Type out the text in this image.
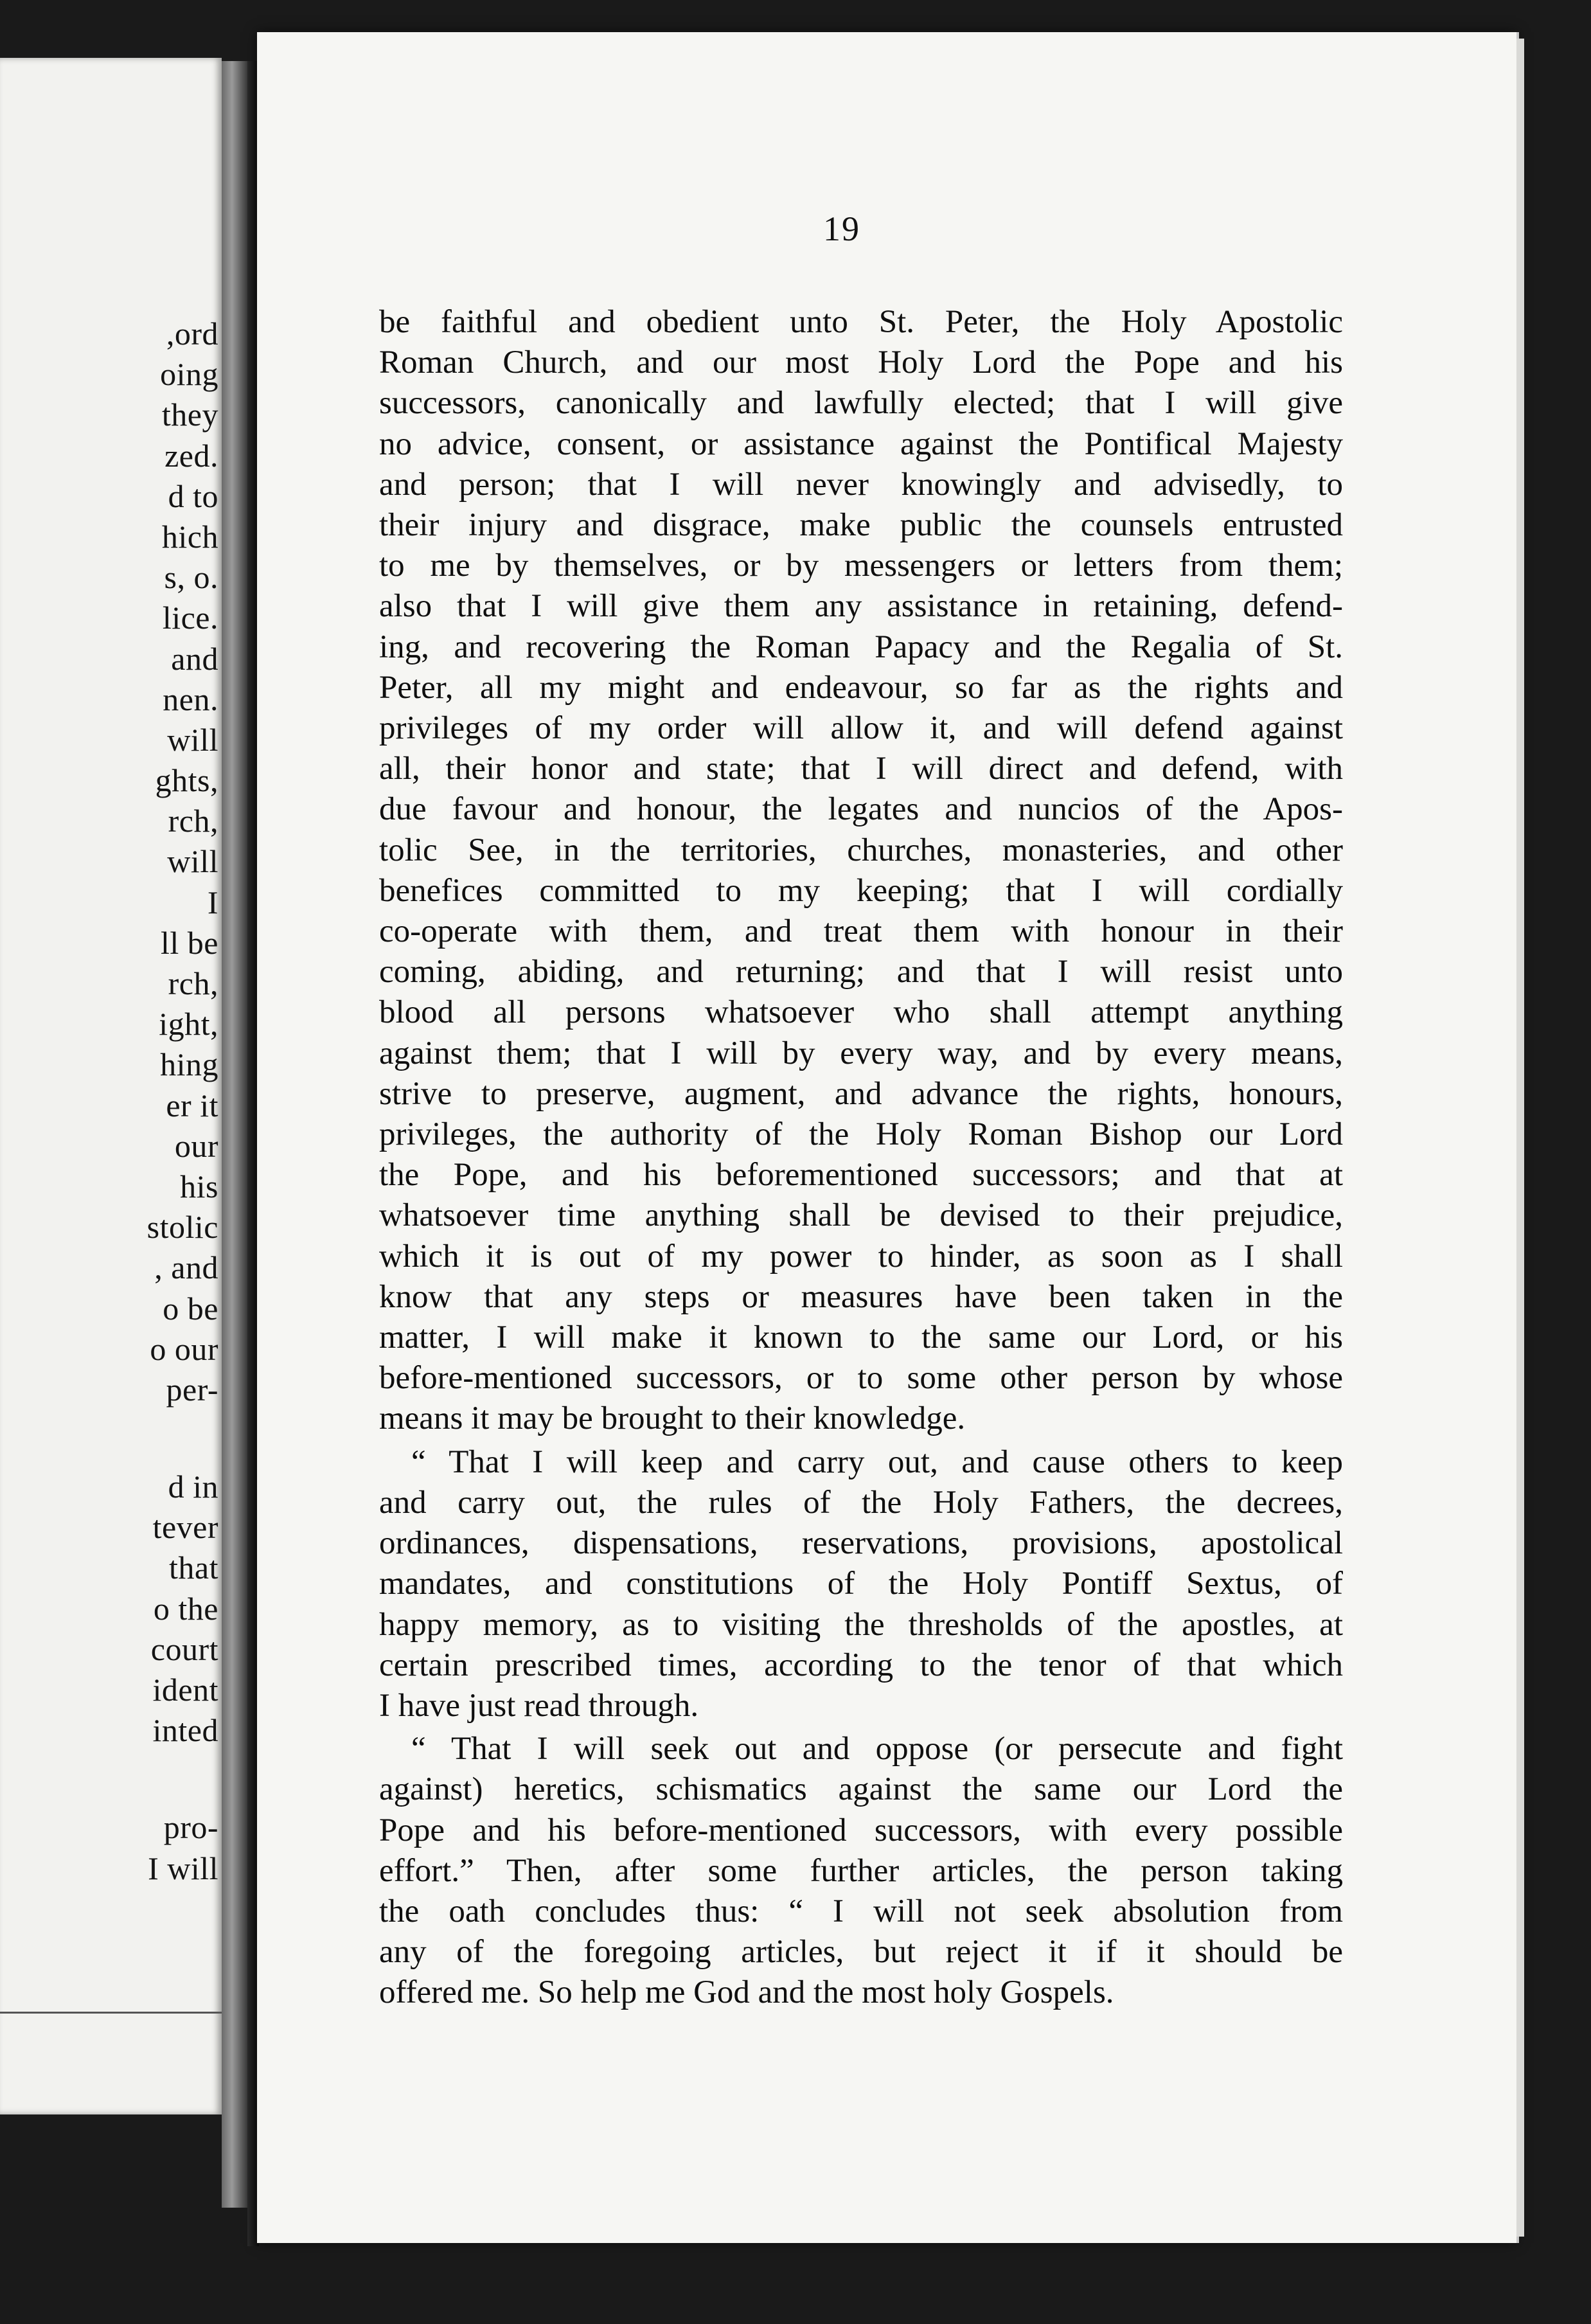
,ord
oing
they
zed.
d to
hich
s, o.
lice.
and
nen.
will
ghts,
rch,
will
I
ll be
rch,
ight,
hing
er it
our
his
stolic
, and
o be
o our
per-
d in
tever
that
o the
court
ident
inted
pro-
I will
19
be faithful and obedient unto St. Peter, the Holy Apostolic
Roman Church, and our most Holy Lord the Pope and his
successors, canonically and lawfully elected; that I will give
no advice, consent, or assistance against the Pontifical Majesty
and person; that I will never knowingly and advisedly, to
their injury and disgrace, make public the counsels entrusted
to me by themselves, or by messengers or letters from them;
also that I will give them any assistance in retaining, defend-
ing, and recovering the Roman Papacy and the Regalia of St.
Peter, all my might and endeavour, so far as the rights and
privileges of my order will allow it, and will defend against
all, their honor and state; that I will direct and defend, with
due favour and honour, the legates and nuncios of the Apos-
tolic See, in the territories, churches, monasteries, and other
benefices committed to my keeping; that I will cordially
co-operate with them, and treat them with honour in their
coming, abiding, and returning; and that I will resist unto
blood all persons whatsoever who shall attempt anything
against them; that I will by every way, and by every means,
strive to preserve, augment, and advance the rights, honours,
privileges, the authority of the Holy Roman Bishop our Lord
the Pope, and his beforementioned successors; and that at
whatsoever time anything shall be devised to their prejudice,
which it is out of my power to hinder, as soon as I shall
know that any steps or measures have been taken in the
matter, I will make it known to the same our Lord, or his
before-mentioned successors, or to some other person by whose
means it may be brought to their knowledge.
“ That I will keep and carry out, and cause others to keep
and carry out, the rules of the Holy Fathers, the decrees,
ordinances, dispensations, reservations, provisions, apostolical
mandates, and constitutions of the Holy Pontiff Sextus, of
happy memory, as to visiting the thresholds of the apostles, at
certain prescribed times, according to the tenor of that which
I have just read through.
“ That I will seek out and oppose (or persecute and fight
against) heretics, schismatics against the same our Lord the
Pope and his before-mentioned successors, with every possible
effort.” Then, after some further articles, the person taking
the oath concludes thus: “ I will not seek absolution from
any of the foregoing articles, but reject it if it should be
offered me. So help me God and the most holy Gospels.
